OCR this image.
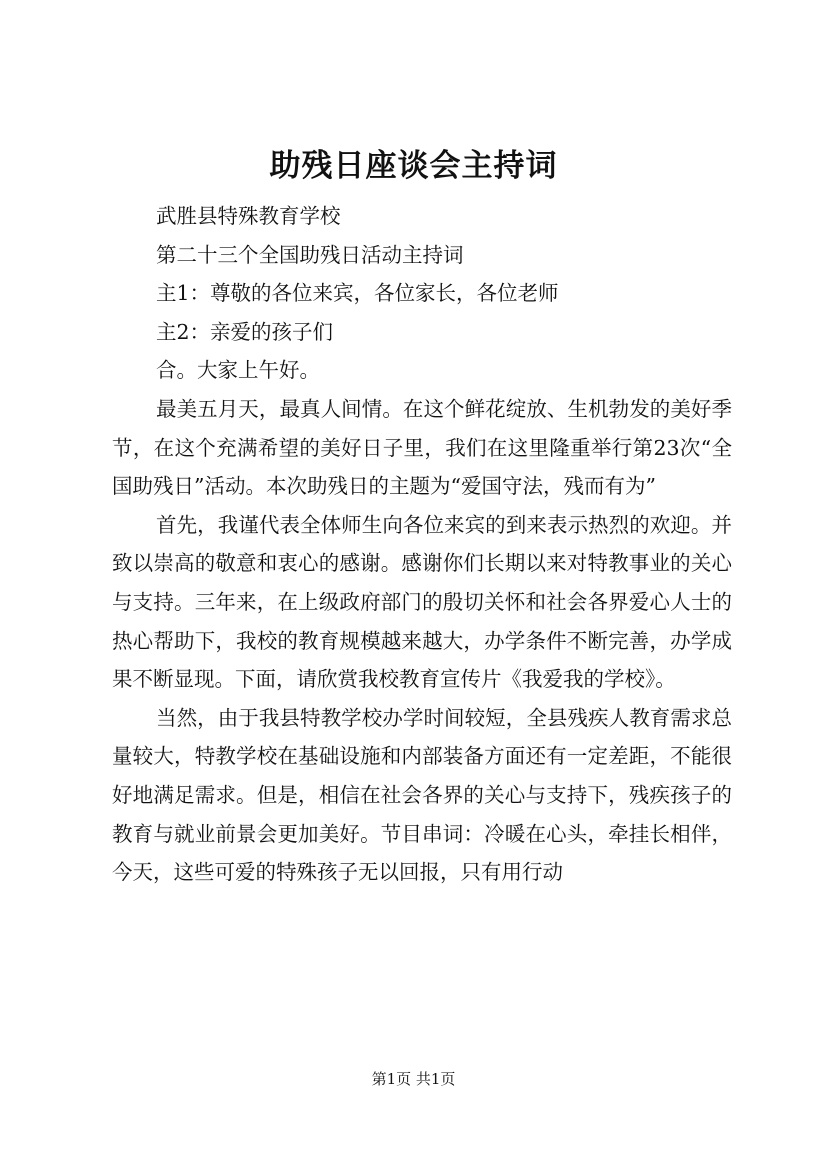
助残日座谈会主持词

武胜县特殊教育学校

第二十三个全国助残日活动主持词

主1：尊敬的各位来宾，各位家长，各位老师

主2：亲爱的孩子们

合。大家上午好。

最美五月天，最真人间情。在这个鲜花绽放、生机勃发的美好季节，在这个充满希望的美好日子里，我们在这里隆重举行第23次“全国助残日”活动。本次助残日的主题为“爱国守法，残而有为”

首先，我谨代表全体师生向各位来宾的到来表示热烈的欢迎。并致以崇高的敬意和衷心的感谢。感谢你们长期以来对特教事业的关心与支持。三年来，在上级政府部门的殷切关怀和社会各界爱心人士的热心帮助下，我校的教育规模越来越大，办学条件不断完善，办学成果不断显现。下面，请欣赏我校教育宣传片《我爱我的学校》。

当然，由于我县特教学校办学时间较短，全县残疾人教育需求总量较大，特教学校在基础设施和内部装备方面还有一定差距，不能很好地满足需求。但是，相信在社会各界的关心与支持下，残疾孩子的教育与就业前景会更加美好。节目串词：冷暖在心头，牵挂长相伴，今天，这些可爱的特殊孩子无以回报，只有用行动

第1页 共1页
